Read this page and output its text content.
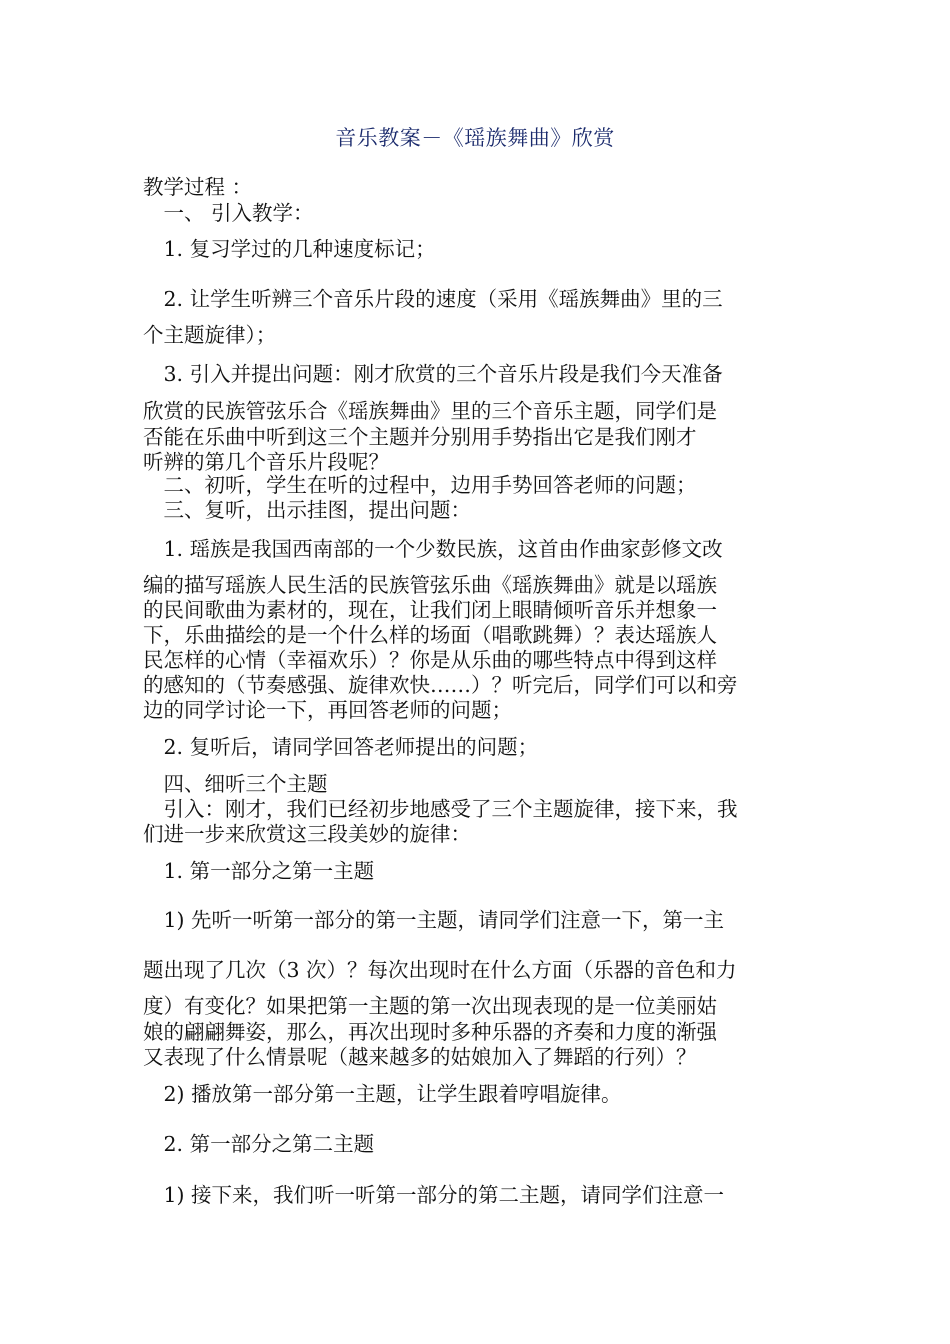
音乐教案－《瑶族舞曲》欣赏
教学过程 ：
　一、 引入教学：
　1. 复习学过的几种速度标记；
　2. 让学生听辨三个音乐片段的速度（采用《瑶族舞曲》里的三
个主题旋律）；
　3. 引入并提出问题：刚才欣赏的三个音乐片段是我们今天准备
欣赏的民族管弦乐合《瑶族舞曲》里的三个音乐主题，同学们是
否能在乐曲中听到这三个主题并分别用手势指出它是我们刚才
听辨的第几个音乐片段呢？
　二、初听，学生在听的过程中，边用手势回答老师的问题；
　三、复听，出示挂图，提出问题：
　1. 瑶族是我国西南部的一个少数民族，这首由作曲家彭修文改
编的描写瑶族人民生活的民族管弦乐曲《瑶族舞曲》就是以瑶族
的民间歌曲为素材的，现在，让我们闭上眼睛倾听音乐并想象一
下，乐曲描绘的是一个什么样的场面（唱歌跳舞）？表达瑶族人
民怎样的心情（幸福欢乐）？你是从乐曲的哪些特点中得到这样
的感知的（节奏感强、旋律欢快……）？听完后，同学们可以和旁
边的同学讨论一下，再回答老师的问题；
　2. 复听后，请同学回答老师提出的问题；
　四、细听三个主题
　引入：刚才，我们已经初步地感受了三个主题旋律，接下来，我
们进一步来欣赏这三段美妙的旋律：
　1. 第一部分之第一主题
　1) 先听一听第一部分的第一主题，请同学们注意一下，第一主
题出现了几次（3 次）？每次出现时在什么方面（乐器的音色和力
度）有变化？如果把第一主题的第一次出现表现的是一位美丽姑
娘的翩翩舞姿，那么，再次出现时多种乐器的齐奏和力度的渐强
又表现了什么情景呢（越来越多的姑娘加入了舞蹈的行列）？
　2) 播放第一部分第一主题，让学生跟着哼唱旋律。
　2. 第一部分之第二主题
　1) 接下来，我们听一听第一部分的第二主题，请同学们注意一
